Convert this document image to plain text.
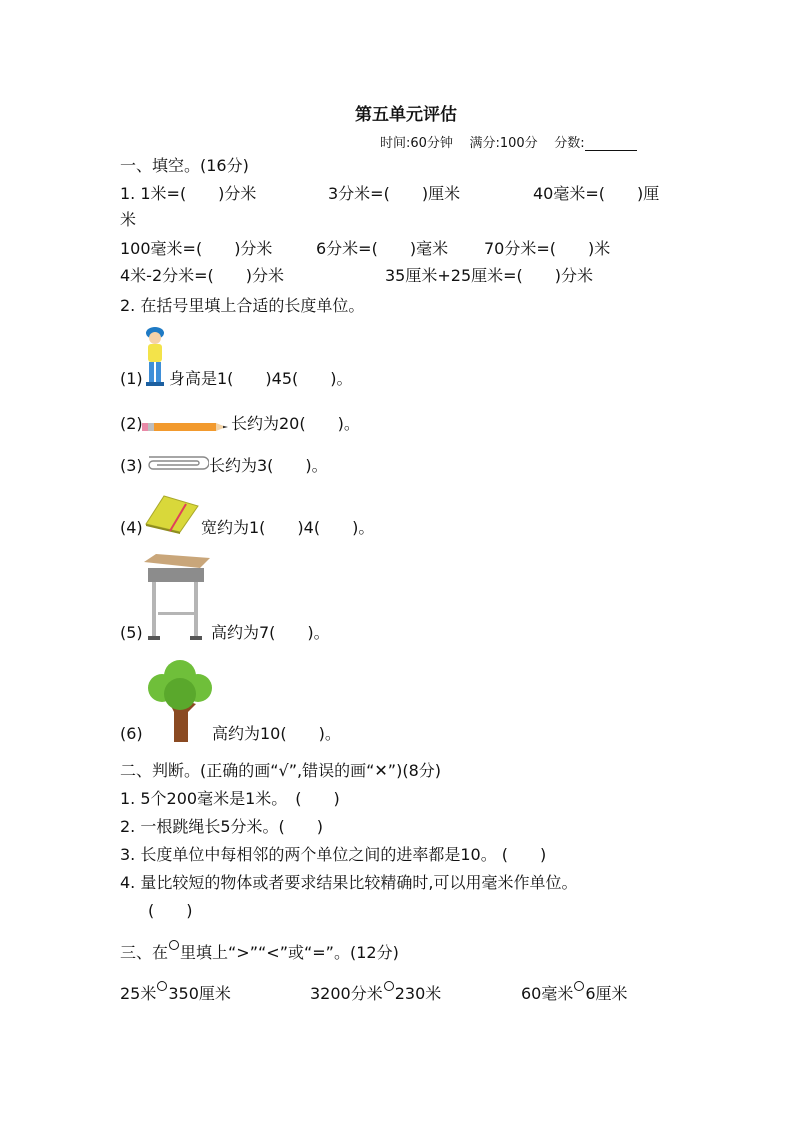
第五单元评估
时间:60分钟 满分:100分 分数:
一、填空。(16分)
1. 1米=(　　)分米	3分米=(　　)厘米	40毫米=(　　)厘
米
100毫米=(　　)分米	6分米=(　　)毫米 70分米=(　　)米
4米-2分米=(　　)分米	35厘米+25厘米=(　　)分米
2. 在括号里填上合适的长度单位。
(1) 身高是1(　　)45(　　)。
(2)	长约为20(　　)。
(3)	长约为3(　　)。
(4)	宽约为1(　　)4(　　)。
(5)	高约为7(　　)。
(6)	高约为10(　　)。
二、判断。(正确的画“√”,错误的画“✕”)(8分)
1. 5个200毫米是1米。　(　　)
2. 一根跳绳长5分米。(　　)
3. 长度单位中每相邻的两个单位之间的进率都是10。 (　　)
4. 量比较短的物体或者要求结果比较精确时,可以用毫米作单位。
(　　)
三、在 里填上“>”“<”或“=”。(12分)
25米 350厘米	3200分米 230米	60毫米 6厘米
